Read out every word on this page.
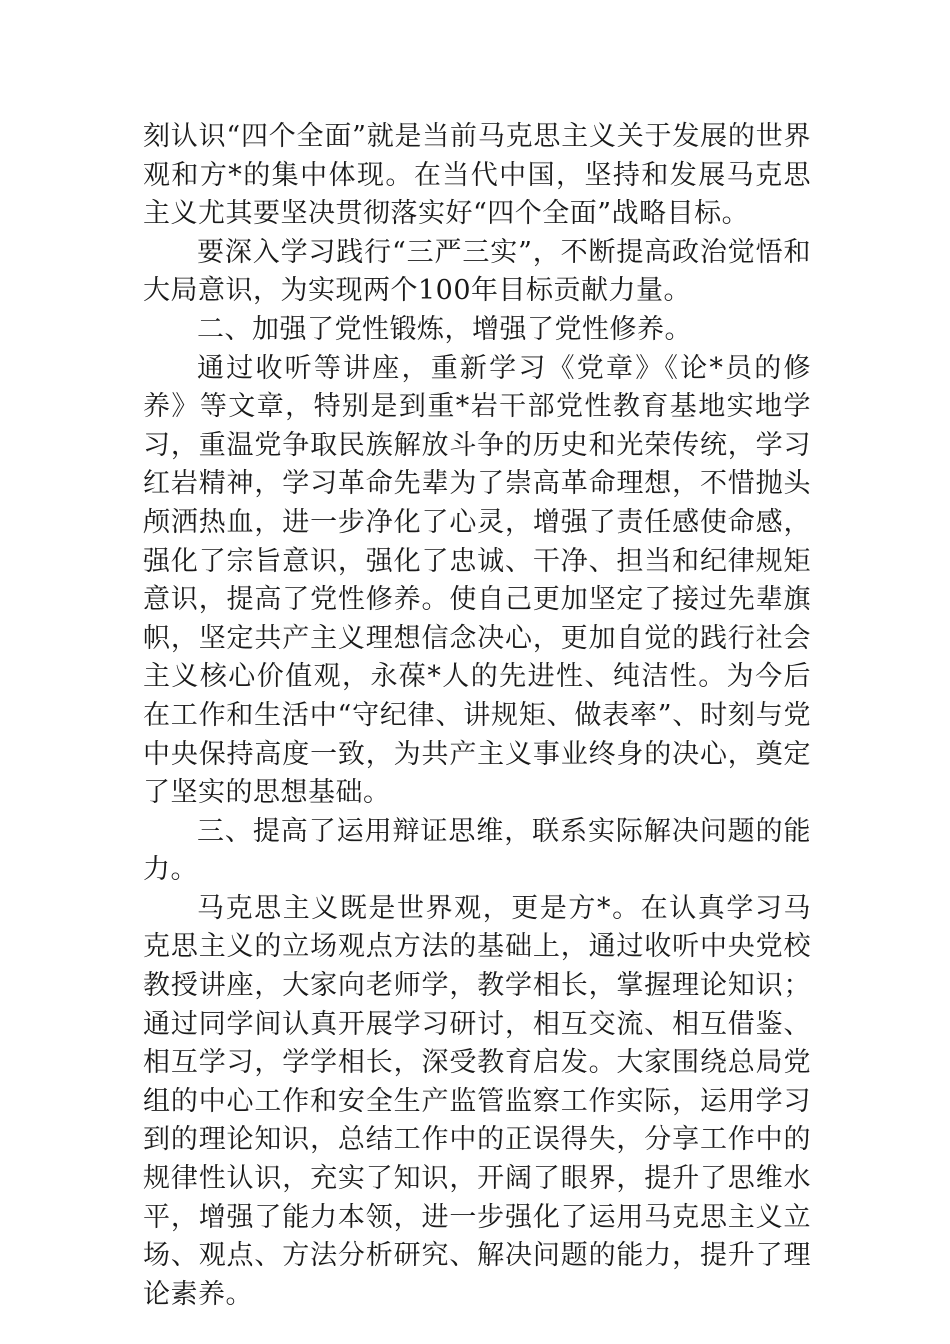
刻认识“四个全面”就是当前马克思主义关于发展的世界观和方*的集中体现。在当代中国，坚持和发展马克思主义尤其要坚决贯彻落实好“四个全面”战略目标。

要深入学习践行“三严三实”，不断提高政治觉悟和大局意识，为实现两个100年目标贡献力量。

二、加强了党性锻炼，增强了党性修养。

通过收听等讲座，重新学习《党章》《论*员的修养》等文章，特别是到重*岩干部党性教育基地实地学习，重温党争取民族解放斗争的历史和光荣传统，学习红岩精神，学习革命先辈为了崇高革命理想，不惜抛头颅洒热血，进一步净化了心灵，增强了责任感使命感，强化了宗旨意识，强化了忠诚、干净、担当和纪律规矩意识，提高了党性修养。使自己更加坚定了接过先辈旗帜，坚定共产主义理想信念决心，更加自觉的践行社会主义核心价值观，永葆*人的先进性、纯洁性。为今后在工作和生活中“守纪律、讲规矩、做表率”、时刻与党中央保持高度一致，为共产主义事业终身的决心，奠定了坚实的思想基础。

三、提高了运用辩证思维，联系实际解决问题的能力。

马克思主义既是世界观，更是方*。在认真学习马克思主义的立场观点方法的基础上，通过收听中央党校教授讲座，大家向老师学，教学相长，掌握理论知识；通过同学间认真开展学习研讨，相互交流、相互借鉴、相互学习，学学相长，深受教育启发。大家围绕总局党组的中心工作和安全生产监管监察工作实际，运用学习到的理论知识，总结工作中的正误得失，分享工作中的规律性认识，充实了知识，开阔了眼界，提升了思维水平，增强了能力本领，进一步强化了运用马克思主义立场、观点、方法分析研究、解决问题的能力，提升了理论素养。
